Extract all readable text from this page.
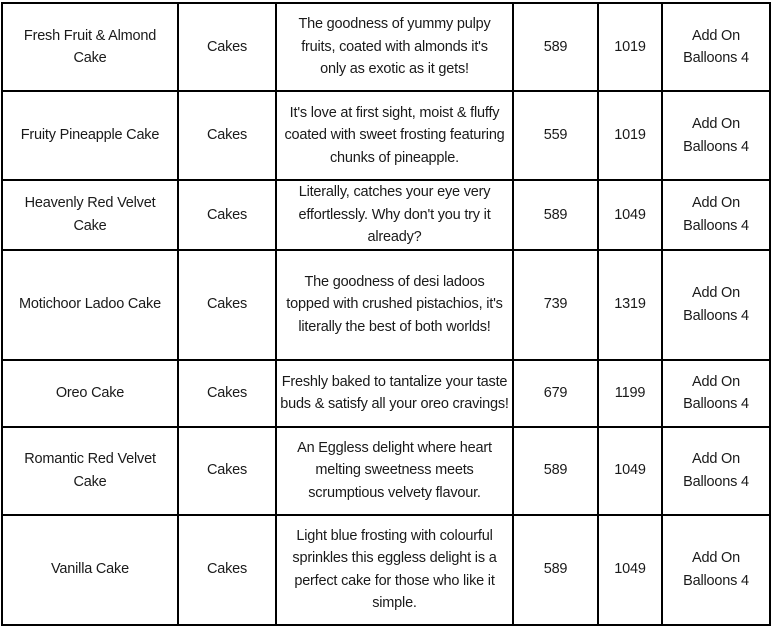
Fresh Fruit & Almond Cake	Cakes	The goodness of yummy pulpy fruits, coated with almonds it's only as exotic as it gets!	589	1019	Add On Balloons 4
Fruity Pineapple Cake	Cakes	It's love at first sight, moist & fluffy coated with sweet frosting featuring chunks of pineapple.	559	1019	Add On Balloons 4
Heavenly Red Velvet Cake	Cakes	Literally, catches your eye very effortlessly. Why don't you try it already?	589	1049	Add On Balloons 4
Motichoor Ladoo Cake	Cakes	The goodness of desi ladoos topped with crushed pistachios, it's literally the best of both worlds!	739	1319	Add On Balloons 4
Oreo Cake	Cakes	Freshly baked to tantalize your taste buds & satisfy all your oreo cravings!	679	1199	Add On Balloons 4
Romantic Red Velvet Cake	Cakes	An Eggless delight where heart melting sweetness meets scrumptious velvety flavour.	589	1049	Add On Balloons 4
Vanilla Cake	Cakes	Light blue frosting with colourful sprinkles this eggless delight is a perfect cake for those who like it simple.	589	1049	Add On Balloons 4
